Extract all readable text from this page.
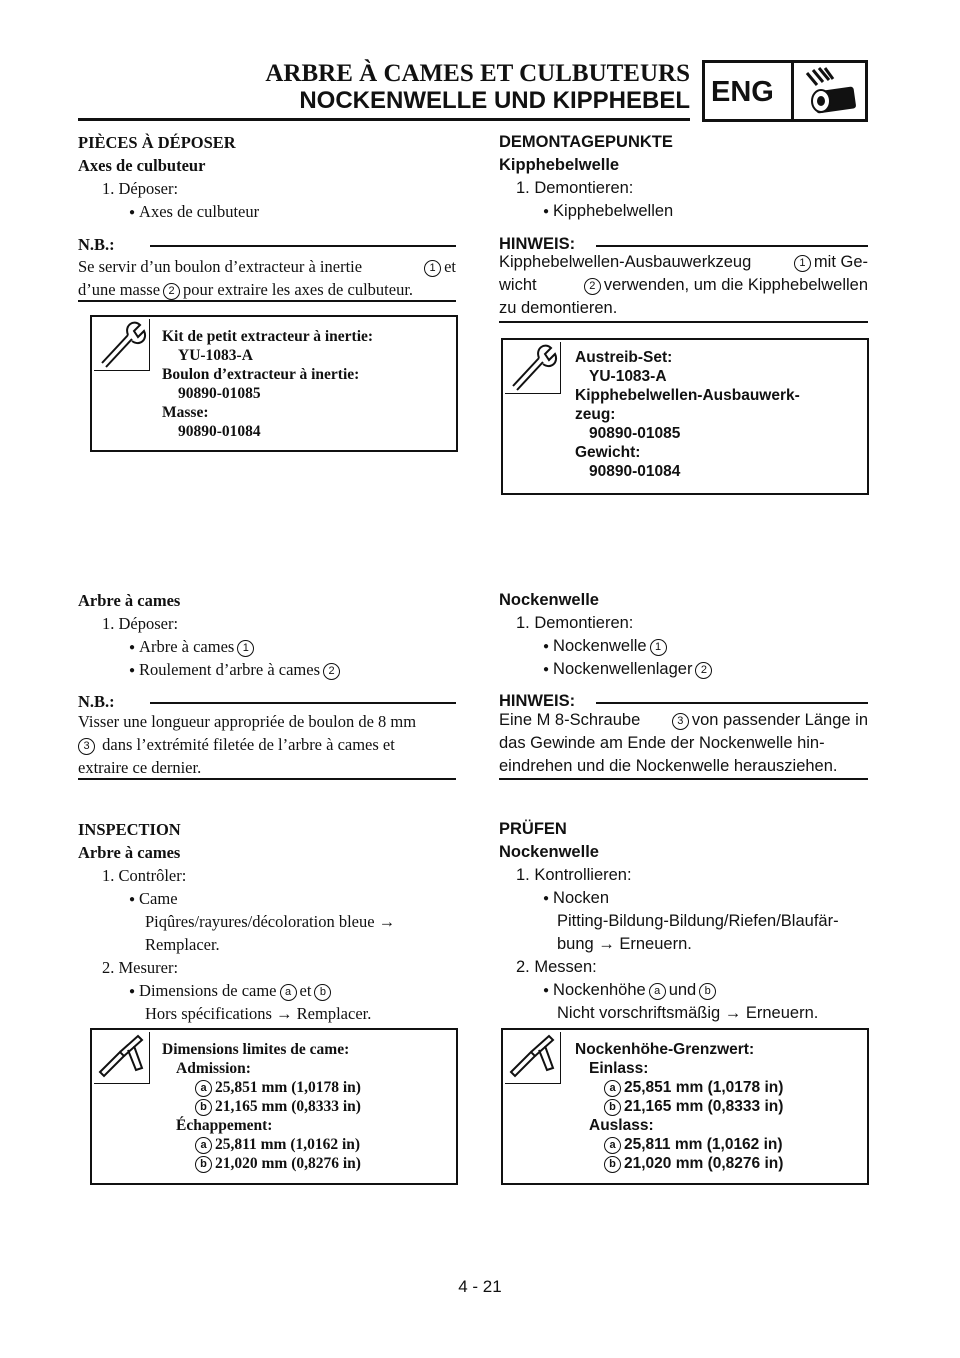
ARBRE À CAMES ET CULBUTEURS
NOCKENWELLE UND KIPPHEBEL ENG
PIÈCES À DÉPOSER
Axes de culbuteur
1. Déposer:
● Axes de culbuteur
N.B.:
Se servir d’un boulon d’extracteur à inertie	1 et
d’une masse 2 pour extraire les axes de culbuteur.
Kit de petit extracteur à inertie:
YU-1083-A
Boulon d’extracteur à inertie:
90890-01085
Masse:
90890-01084
Arbre à cames
1. Déposer:
● Arbre à cames 1
● Roulement d’arbre à cames 2
N.B.:
Visser une longueur appropriée de boulon de 8 mm
3 dans l’extrémité filetée de l’arbre à cames et
extraire ce dernier.
INSPECTION
Arbre à cames
1. Contrôler:
● Came
Piqûres/rayures/décoloration bleue →
Remplacer.
2. Mesurer:
● Dimensions de came a et b
Hors spécifications → Remplacer.
Dimensions limites de came:
Admission:
a 25,851 mm (1,0178 in)
b 21,165 mm (0,8333 in)
Échappement:
a 25,811 mm (1,0162 in)
b 21,020 mm (0,8276 in)
DEMONTAGEPUNKTE
Kipphebelwelle
1. Demontieren:
● Kipphebelwellen
HINWEIS:
Kipphebelwellen-Ausbauwerkzeug	1 mit Ge-
wicht	2 verwenden, um die Kipphebelwellen
zu demontieren.
Austreib-Set:
YU-1083-A
Kipphebelwellen-Ausbauwerk-
zeug:
90890-01085
Gewicht:
90890-01084
Nockenwelle
1. Demontieren:
● Nockenwelle 1
● Nockenwellenlager 2
HINWEIS:
Eine M 8-Schraube	3 von passender Länge in
das Gewinde am Ende der Nockenwelle hin-
eindrehen und die Nockenwelle herausziehen.
PRÜFEN
Nockenwelle
1. Kontrollieren:
● Nocken
Pitting-Bildung-Bildung/Riefen/Blaufär-
bung → Erneuern.
2. Messen:
● Nockenhöhe a und b
Nicht vorschriftsmäßig → Erneuern.
Nockenhöhe-Grenzwert:
Einlass:
a 25,851 mm (1,0178 in)
b 21,165 mm (0,8333 in)
Auslass:
a 25,811 mm (1,0162 in)
b 21,020 mm (0,8276 in)
4 - 21
